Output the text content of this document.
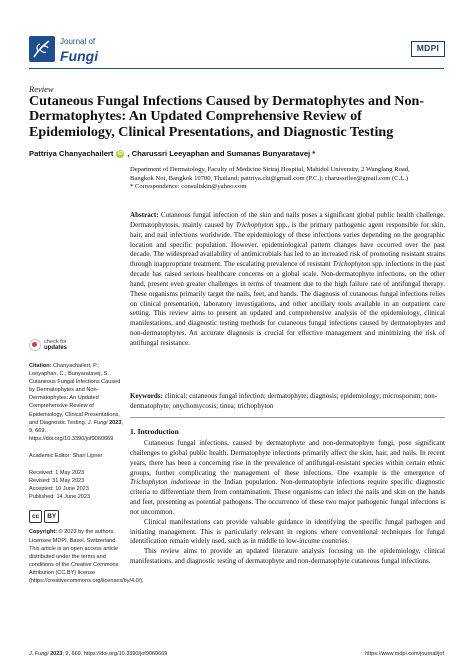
Journal of
Fungi	MDPI
Review
Cutaneous Fungal Infections Caused by Dermatophytes and Non-Dermatophytes: An Updated Comprehensive Review of Epidemiology, Clinical Presentations, and Diagnostic Testing
Pattriya Chanyachailert iD , Charussri Leeyaphan and Sumanas Bunyaratavej *
Department of Dermatology, Faculty of Medicine Siriraj Hospital, Mahidol University, 2 Wanglang Road,
Bangkok Noi, Bangkok 10700, Thailand; pattriya.cht@gmail.com (P.C.); charussrilee@gmail.com (C.L.)
* Correspondence: consultskin@yahoo.com
Abstract: Cutaneous fungal infection of the skin and nails poses a significant global public health challenge. Dermatophytosis, mainly caused by Trichophyton spp., is the primary pathogenic agent responsible for skin, hair, and nail infections worldwide. The epidemiology of these infections varies depending on the geographic location and specific population. However, epidemiological pattern changes have occurred over the past decade. The widespread availability of antimicrobials has led to an increased risk of promoting resistant strains through inappropriate treatment. The escalating prevalence of resistant Trichophyton spp. infections in the past decade has raised serious healthcare concerns on a global scale. Non-dermatophyte infections, on the other hand, present even greater challenges in terms of treatment due to the high failure rate of antifungal therapy. These organisms primarily target the nails, feet, and hands. The diagnosis of cutaneous fungal infections relies on clinical presentation, laboratory investigations, and other ancillary tools available in an outpatient care setting. This review aims to present an updated and comprehensive analysis of the epidemiology, clinical manifestations, and diagnostic testing methods for cutaneous fungal infections caused by dermatophytes and non-dermatophytes. An accurate diagnosis is crucial for effective management and minimizing the risk of antifungal resistance.
Keywords: clinical; cutaneous fungal infection; dermatophyte; diagnosis; epidemiology; microsporum; non-dermatophyte; onychomycosis; tinea; trichophyton
check for
updates
Citation: Chanyachailert, P.; Leeyaphan, C.; Bunyaratavej, S. Cutaneous Fungal Infections Caused by Dermatophytes and Non-Dermatophytes: An Updated Comprehensive Review of Epidemiology, Clinical Presentations, and Diagnostic Testing. J. Fungi 2023, 9, 669. https://doi.org/10.3390/jof9060669
Academic Editor: Shari Lipner
Received: 1 May 2023
Revised: 31 May 2023
Accepted: 10 June 2023
Published: 14 June 2023
cc	BY
Copyright: © 2023 by the authors. Licensee MDPI, Basel, Switzerland. This article is an open access article distributed under the terms and conditions of the Creative Commons Attribution (CC BY) license (https://creativecommons.org/licenses/by/4.0/).
1. Introduction

Cutaneous fungal infections, caused by dermatophyte and non-dermatophyte fungi, pose significant challenges to global public health. Dermatophyte infections primarily affect the skin, hair, and nails. In recent years, there has been a concerning rise in the prevalence of antifungal-resistant species within certain ethnic groups, further complicating the management of these infections. One example is the emergence of Trichophyton indotineae in the Indian population. Non-dermatophyte infections require specific diagnostic criteria to differentiate them from contamination. These organisms can infect the nails and skin on the hands and feet, presenting as potential pathogens. The occurrence of these two major pathogenic fungal infections is not uncommon.

Clinical manifestations can provide valuable guidance in identifying the specific fungal pathogen and initiating management. This is particularly relevant in regions where conventional techniques for fungal identification remain widely used, such as in middle to low-income countries.

This review aims to provide an updated literature analysis focusing on the epidemiology, clinical manifestations, and diagnostic testing of dermatophyte and non-dermatophyte cutaneous fungal infections.

J. Fungi 2023, 9, 669. https://doi.org/10.3390/jof9060669	https://www.mdpi.com/journal/jof
